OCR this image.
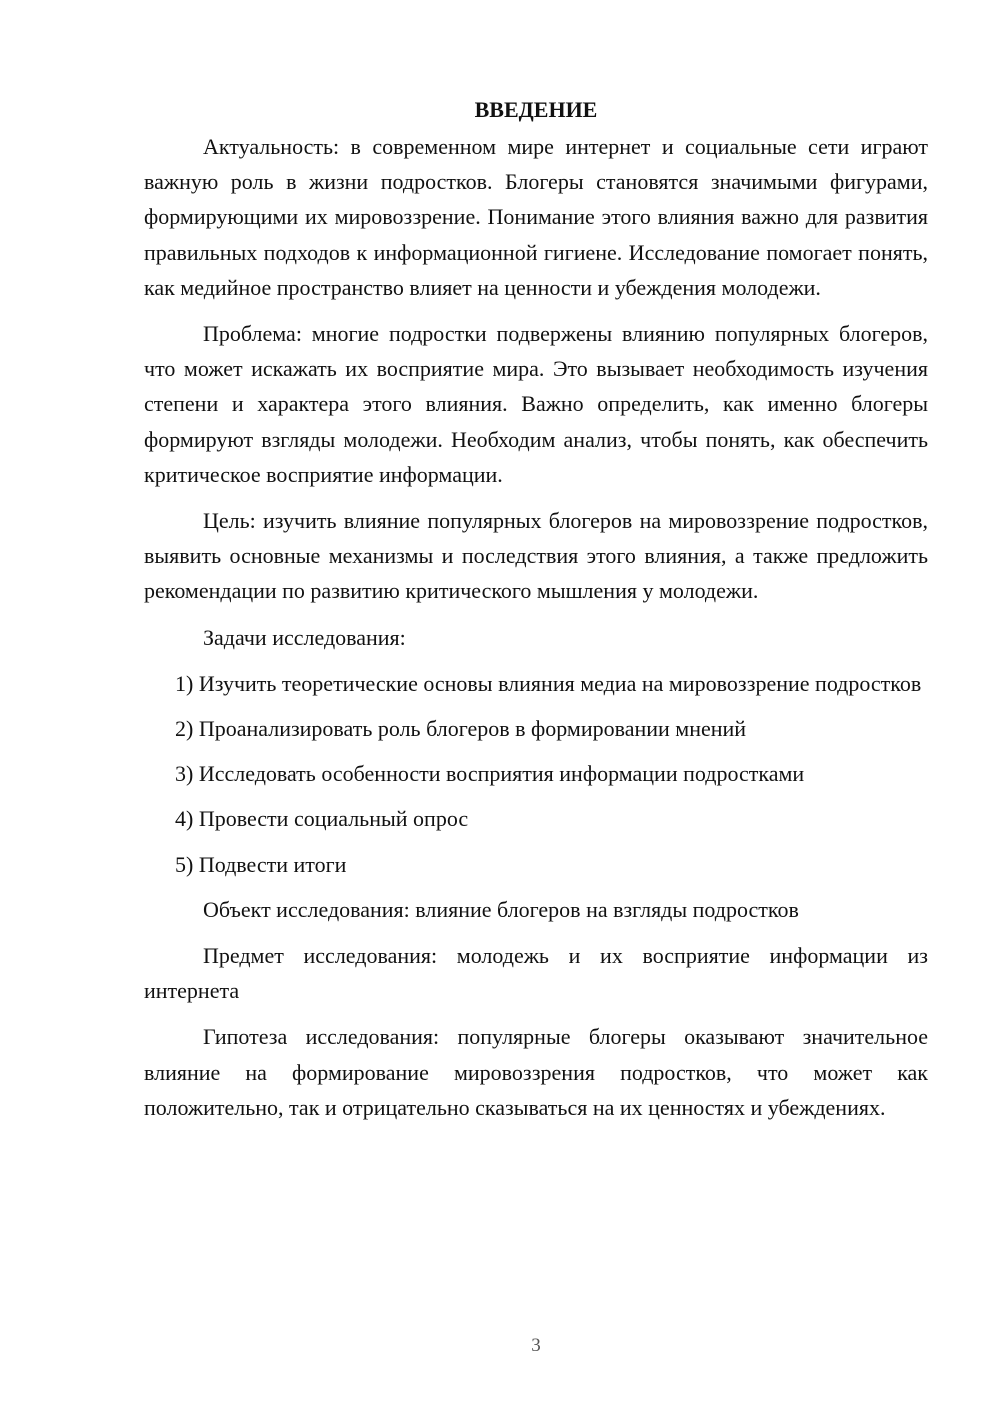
ВВЕДЕНИЕ

Актуальность: в современном мире интернет и социальные сети играют важную роль в жизни подростков. Блогеры становятся значимыми фигурами, формирующими их мировоззрение. Понимание этого влияния важно для развития правильных подходов к информационной гигиене. Исследование помогает понять, как медийное пространство влияет на ценности и убеждения молодежи.

Проблема: многие подростки подвержены влиянию популярных блогеров, что может искажать их восприятие мира. Это вызывает необходимость изучения степени и характера этого влияния. Важно определить, как именно блогеры формируют взгляды молодежи. Необходим анализ, чтобы понять, как обеспечить критическое восприятие информации.

Цель: изучить влияние популярных блогеров на мировоззрение подростков, выявить основные механизмы и последствия этого влияния, а также предложить рекомендации по развитию критического мышления у молодежи.

Задачи исследования:

1) Изучить теоретические основы влияния медиа на мировоззрение подростков

2) Проанализировать роль блогеров в формировании мнений

3) Исследовать особенности восприятия информации подростками

4) Провести социальный опрос

5) Подвести итоги

Объект исследования: влияние блогеров на взгляды подростков

Предмет исследования: молодежь и их восприятие информации из интернета

Гипотеза исследования: популярные блогеры оказывают значительное влияние на формирование мировоззрения подростков, что может как положительно, так и отрицательно сказываться на их ценностях и убеждениях.

3
